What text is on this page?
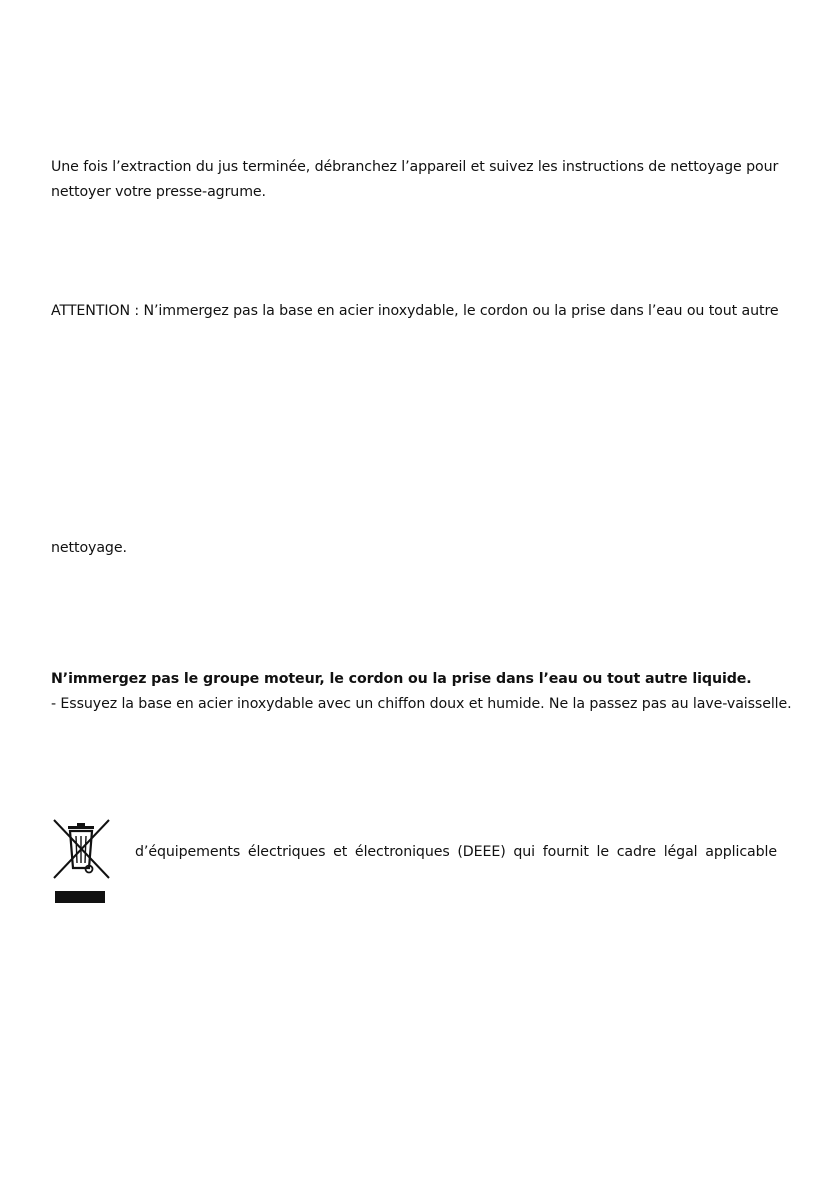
Une fois l’extraction du jus terminée, débranchez l’appareil et suivez les instructions de nettoyage pour
nettoyer votre presse-agrume.
ATTENTION : N’immergez pas la base en acier inoxydable, le cordon ou la prise dans l’eau ou tout autre
nettoyage.
N’immergez pas le groupe moteur, le cordon ou la prise dans l’eau ou tout autre liquide.
- Essuyez la base en acier inoxydable avec un chiffon doux et humide. Ne la passez pas au lave-vaisselle.
d’équipements électriques et électroniques (DEEE) qui fournit le cadre légal applicable
